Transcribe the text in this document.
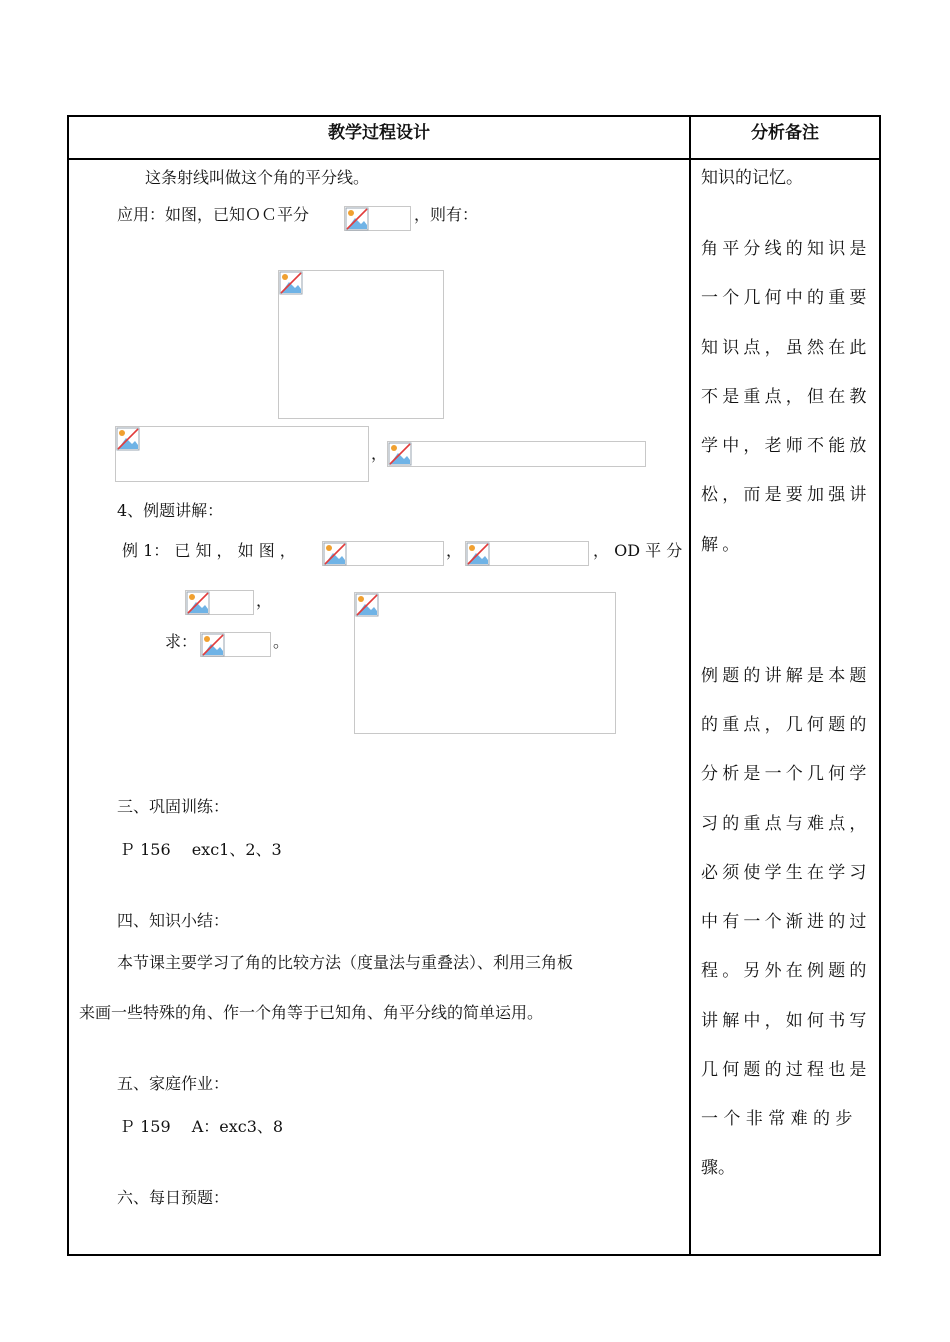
教学过程设计	分析备注
这条射线叫做这个角的平分线。
应用：如图，已知ＯＣ平分	，则有：
，
4、例题讲解：
例 1： 已 知 ， 如 图 ，	，	， OD 平 分
，
求：	。
三、巩固训练：
Ｐ 156　 exc1、2、3
四、知识小结：
本节课主要学习了角的比较方法（度量法与重叠法）、利用三角板
来画一些特殊的角、作一个角等于已知角、角平分线的简单运用。
五、家庭作业：
Ｐ 159 　A：exc3、8
六、每日预题：
知识的记忆。
角平分线的知识是
一个几何中的重要
知识点，虽然在此
不是重点，但在教
学中，老师不能放
松，而是要加强讲
解。
例题的讲解是本题
的重点，几何题的
分析是一个几何学
习的重点与难点，
必须使学生在学习
中有一个渐进的过
程。另外在例题的
讲解中，如何书写
几何题的过程也是
一 个 非 常 难 的 步
骤。
